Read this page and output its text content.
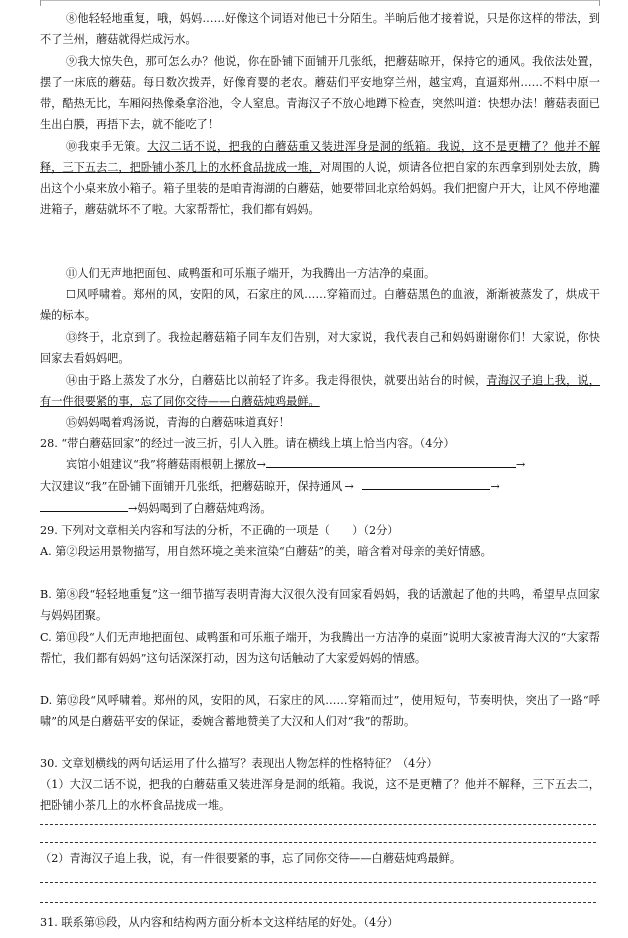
⑧他轻轻地重复，哦，妈妈……好像这个词语对他已十分陌生。半晌后他才接着说，只是你这样的带法，到不了兰州，蘑菇就得烂成污水。
⑨我大惊失色，那可怎么办？他说，你在卧铺下面铺开几张纸，把蘑菇晾开，保持它的通风。我依法处置，摆了一床底的蘑菇。每日数次拨弄，好像育婴的老农。蘑菇们平安地穿兰州，越宝鸡，直逼郑州……不料中原一带，酷热无比，车厢闷热像桑拿浴池，令人窒息。青海汉子不放心地蹲下检查，突然叫道：快想办法！蘑菇表面已生出白膜，再捂下去，就不能吃了！
⑩我束手无策。大汉二话不说，把我的白蘑菇重又装进浑身是洞的纸箱。我说，这不是更糟了？他并不解释，三下五去二，把卧铺小茶几上的水杯食品拢成一堆，对周围的人说，烦请各位把自家的东西拿到别处去放，腾出这个小桌来放小箱子。箱子里装的是咱青海湖的白蘑菇，她要带回北京给妈妈。我们把窗户开大，让风不停地灌进箱子，蘑菇就坏不了啦。大家帮帮忙，我们都有妈妈。
⑪人们无声地把面包、咸鸭蛋和可乐瓶子端开，为我腾出一方洁净的桌面。
☐风呼啸着。郑州的风，安阳的风，石家庄的风……穿箱而过。白蘑菇黑色的血液，渐渐被蒸发了，烘成干燥的标本。
⑬终于，北京到了。我捡起蘑菇箱子同车友们告别，对大家说，我代表自己和妈妈谢谢你们！大家说，你快回家去看妈妈吧。
⑭由于路上蒸发了水分，白蘑菇比以前轻了许多。我走得很快，就要出站台的时候，青海汉子追上我，说，有一件很要紧的事，忘了同你交待——白蘑菇炖鸡最鲜。
⑮妈妈喝着鸡汤说，青海的白蘑菇味道真好！
28. “带白蘑菇回家”的经过一波三折，引人入胜。请在横线上填上恰当内容。（4分）
宾馆小姐建议“我”将蘑菇雨根朝上摞放→	→
大汉建议“我”在卧铺下面铺开几张纸，把蘑菇晾开，保持通风 →	→
→妈妈喝到了白蘑菇炖鸡汤。
29. 下列对文章相关内容和写法的分析，不正确的一项是（　　）（2分）
A. 第②段运用景物描写，用自然环境之美来渲染“白蘑菇”的美，暗含着对母亲的美好情感。
B. 第⑧段“轻轻地重复”这一细节描写表明青海大汉很久没有回家看妈妈，我的话激起了他的共鸣，希望早点回家与妈妈团聚。
C. 第⑪段“人们无声地把面包、咸鸭蛋和可乐瓶子端开，为我腾出一方洁净的桌面”说明大家被青海大汉的“大家帮帮忙，我们都有妈妈”这句话深深打动，因为这句话触动了大家爱妈妈的情感。
D. 第⑫段“风呼啸着。郑州的风，安阳的风，石家庄的风……穿箱而过”，使用短句，节奏明快，突出了一路“呼啸”的风是白蘑菇平安的保证，委婉含蓄地赞美了大汉和人们对“我”的帮助。
30. 文章划横线的两句话运用了什么描写？表现出人物怎样的性格特征？（4分）
（1）大汉二话不说，把我的白蘑菇重又装进浑身是洞的纸箱。我说，这不是更糟了？他并不解释，三下五去二，把卧铺小茶几上的水杯食品拢成一堆。
（2）青海汉子追上我，说，有一件很要紧的事，忘了同你交待——白蘑菇炖鸡最鲜。
31. 联系第⑮段，从内容和结构两方面分析本文这样结尾的好处。（4分）
